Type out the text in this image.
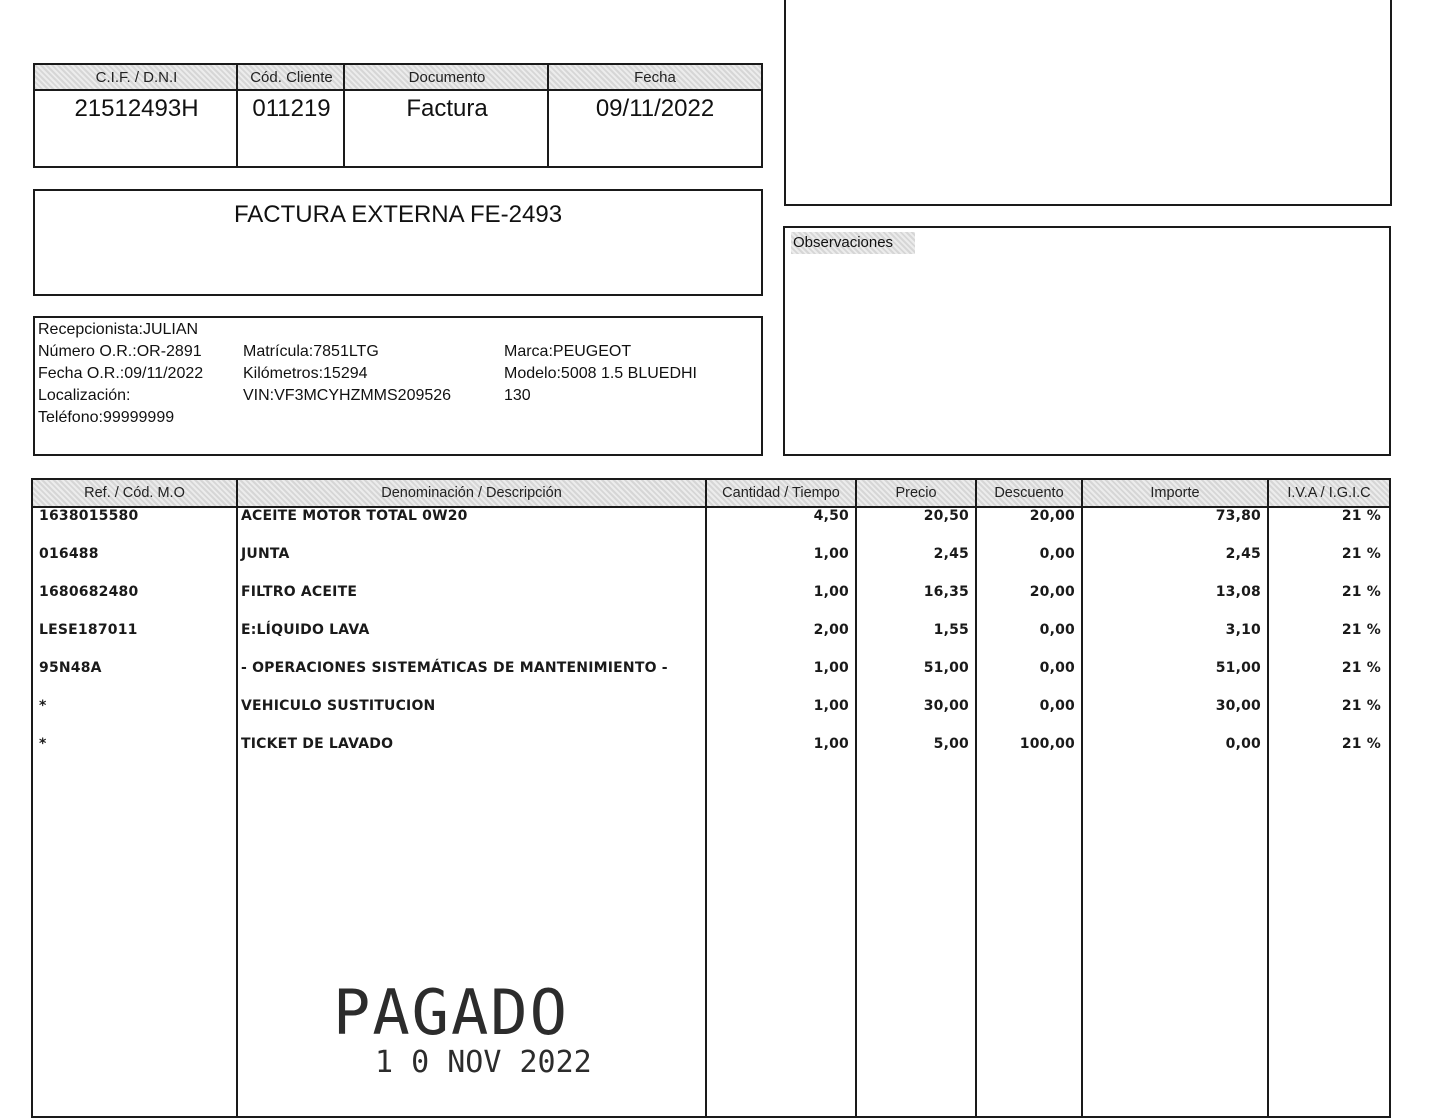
C.I.F. / D.N.I	Cód. Cliente	Documento	Fecha
21512493H	011219	Factura	09/11/2022
FACTURA EXTERNA FE-2493
Observaciones
Recepcionista:JULIAN
Número O.R.:OR-2891
Fecha O.R.:09/11/2022
Localización:
Teléfono:99999999
Matrícula:7851LTG
Kilómetros:15294
VIN:VF3MCYHZMMS209526
Marca:PEUGEOT
Modelo:5008 1.5 BLUEDHI
130
Ref. / Cód. M.O	Denominación / Descripción	Cantidad / Tiempo	Precio	Descuento	Importe	I.V.A / I.G.I.C
1638015580	ACEITE MOTOR TOTAL 0W20	4,50	20,50	20,00	73,80	21 %
016488	JUNTA	1,00	2,45	0,00	2,45	21 %
1680682480	FILTRO ACEITE	1,00	16,35	20,00	13,08	21 %
LESE187011	E:LÍQUIDO LAVA	2,00	1,55	0,00	3,10	21 %
95N48A	- OPERACIONES SISTEMÁTICAS DE MANTENIMIENTO -	1,00	51,00	0,00	51,00	21 %
*	VEHICULO SUSTITUCION	1,00	30,00	0,00	30,00	21 %
*	TICKET DE LAVADO	1,00	5,00	100,00	0,00	21 %
PAGADO
1 0 NOV 2022
